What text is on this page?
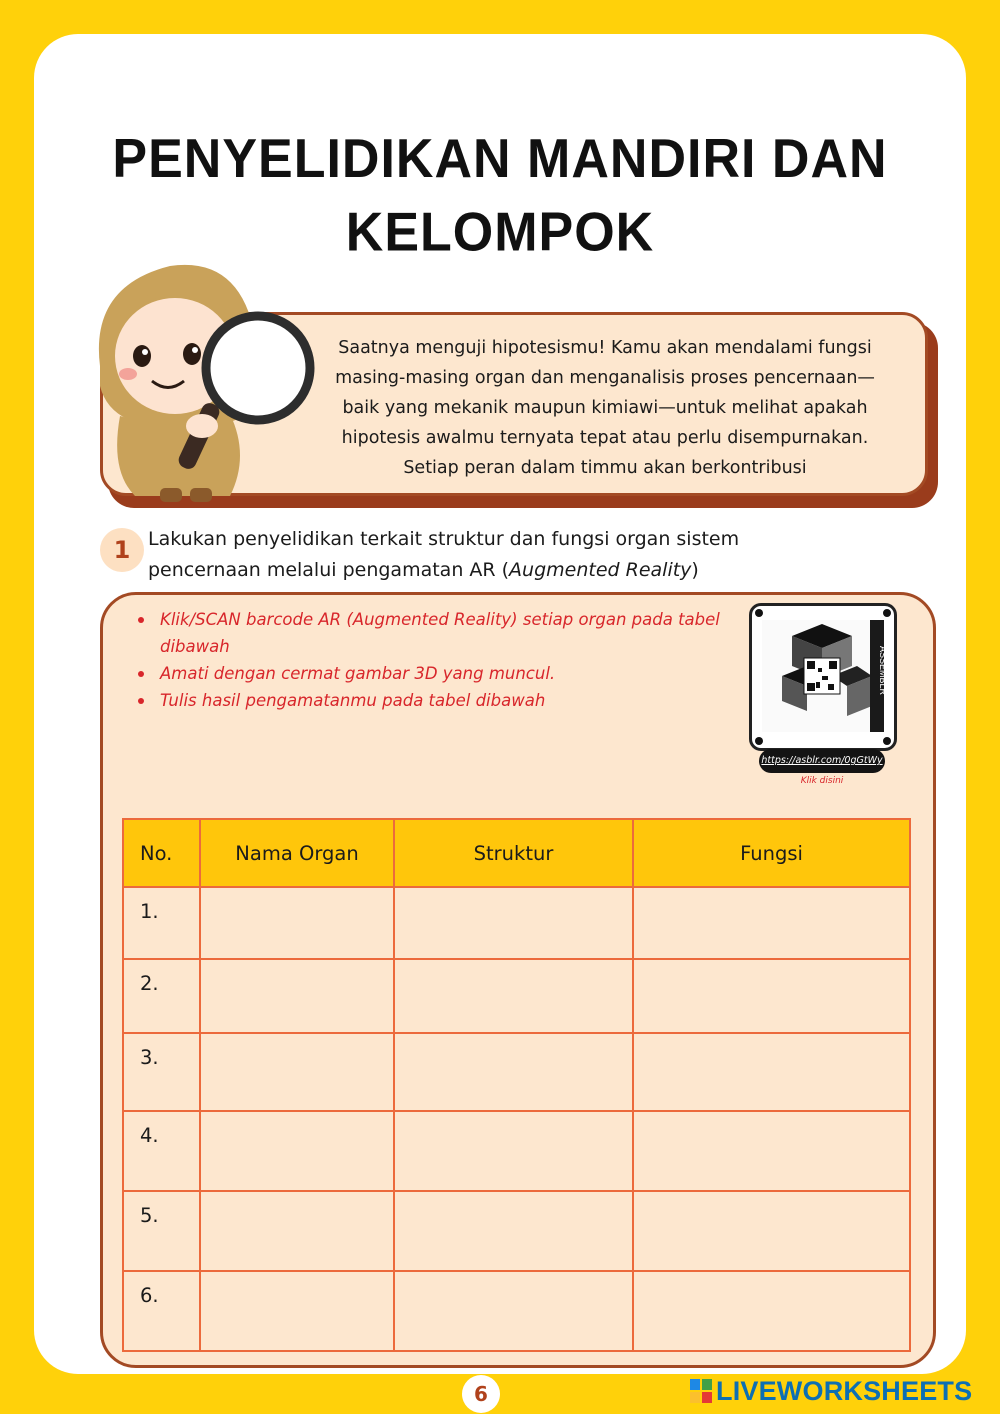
PENYELIDIKAN MANDIRI DAN
KELOMPOK
Saatnya menguji hipotesismu! Kamu akan mendalami fungsi
masing-masing organ dan menganalisis proses pencernaan—
baik yang mekanik maupun kimiawi—untuk melihat apakah
hipotesis awalmu ternyata tepat atau perlu disempurnakan.
Setiap peran dalam timmu akan berkontribusi
1 Lakukan penyelidikan terkait struktur dan fungsi organ sistem
pencernaan melalui pengamatan AR (Augmented Reality)
Klik/SCAN barcode AR (Augmented Reality) setiap organ pada tabel dibawah
Amati dengan cermat gambar 3D yang muncul.
Tulis hasil pengamatanmu pada tabel dibawah
ASSEMBLR
https://asblr.com/0gGtWy
Klik disini
No.	Nama Organ	Struktur	Fungsi
1.			
2.			
3.			
4.			
5.			
6.			
6	LIVEWORKSHEETS
